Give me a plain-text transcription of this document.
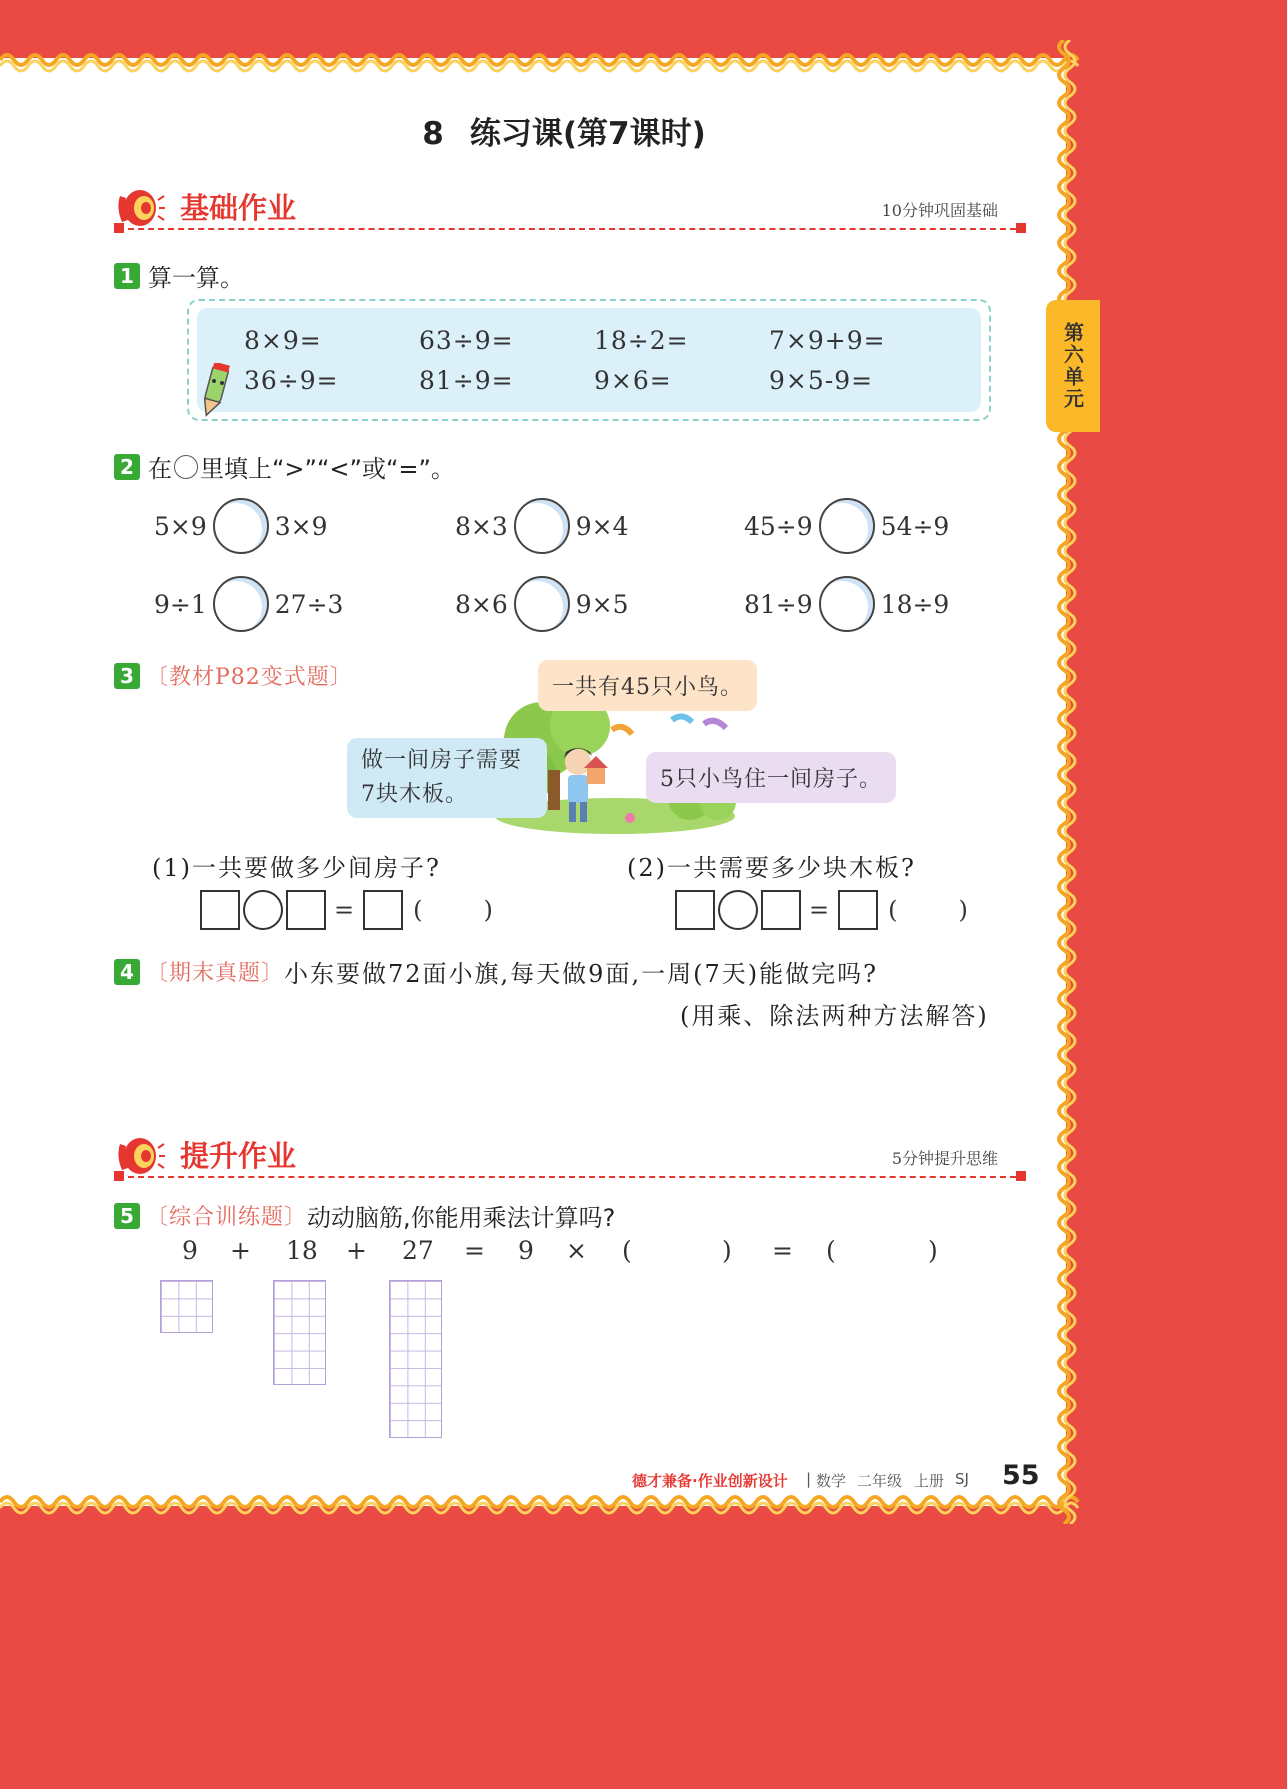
第六单元
8 练习课(第7课时)
基础作业	10分钟巩固基础
1 算一算。
8×9=	63÷9=	18÷2=	7×9+9=
36÷9=	81÷9=	9×6=	9×5-9=
2 在 里填上“>”“<”或“=”。
5×9	3×9	8×3	9×4	45÷9	54÷9
9÷1	27÷3	8×6	9×5	81÷9	18÷9
3 〔教材P82变式题〕	一共有45只小鸟。
做一间房子需要
7块木板。
5只小鸟住一间房子。
(1)一共要做多少间房子?	(2)一共需要多少块木板?
= (	)	= (	)
4 〔期末真题〕小东要做72面小旗,每天做9面,一周(7天)能做完吗?
(用乘、除法两种方法解答)
提升作业	5分钟提升思维
5 〔综合训练题〕动动脑筋,你能用乘法计算吗?
9 + 18 + 27 = 9 × (	) = (	)
德才兼备·作业创新设计 | 数学 二年级 上册 SJ 55
